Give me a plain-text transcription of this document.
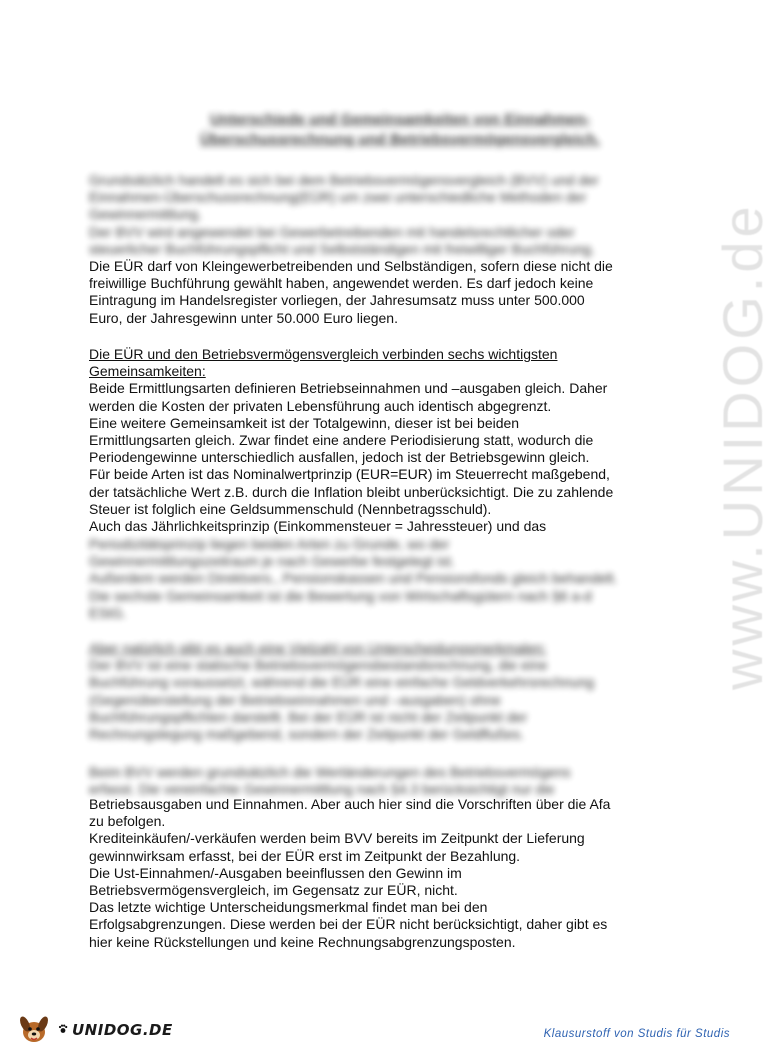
www.UNIDOG.de
Unterschiede und Gemeinsamkeiten von Einnahmen-
Überschussrechnung und Betriebsvermögensvergleich.

Grundsätzlich handelt es sich bei dem Betriebsvermögensvergleich (BVV) und der

Einnahmen-Überschussrechnung(EÜR) um zwei unterschiedliche Methoden der

Gewinnermittlung.

Der BVV wird angewendet bei Gewerbetreibenden mit handelsrechtlicher oder

steuerlicher Buchführungspflicht und Selbstständigen mit freiwilliger Buchführung.

Die EÜR darf von Kleingewerbetreibenden und Selbständigen, sofern diese nicht die

freiwillige Buchführung gewählt haben, angewendet werden. Es darf jedoch keine

Eintragung im Handelsregister vorliegen, der Jahresumsatz muss unter 500.000

Euro, der Jahresgewinn unter 50.000 Euro liegen.

Die EÜR und den Betriebsvermögensvergleich verbinden sechs wichtigsten

Gemeinsamkeiten:

Beide Ermittlungsarten definieren Betriebseinnahmen und –ausgaben gleich. Daher

werden die Kosten der privaten Lebensführung auch identisch abgegrenzt.

Eine weitere Gemeinsamkeit ist der Totalgewinn, dieser ist bei beiden

Ermittlungsarten gleich. Zwar findet eine andere Periodisierung statt, wodurch die

Periodengewinne unterschiedlich ausfallen, jedoch ist der Betriebsgewinn gleich.

Für beide Arten ist das Nominalwertprinzip (EUR=EUR) im Steuerrecht maßgebend,

der tatsächliche Wert z.B. durch die Inflation bleibt unberücksichtigt. Die zu zahlende

Steuer ist folglich eine Geldsummenschuld (Nennbetragsschuld).

Auch das Jährlichkeitsprinzip (Einkommensteuer = Jahressteuer) und das

Periodizitätsprinzip liegen beiden Arten zu Grunde, wo der

Gewinnermittlungszeitraum je nach Gewerbe festgelegt ist.

Außerdem werden Direktvers., Pensionskassen und Pensionsfonds gleich behandelt.

Die sechste Gemeinsamkeit ist die Bewertung von Wirtschaftsgütern nach §6 a-d

EStG.

Aber natürlich gibt es auch eine Vielzahl von Unterscheidungsmerkmalen:

Der BVV ist eine statische Betriebsvermögensbestandsrechnung, die eine

Buchführung voraussetzt, während die EÜR eine einfache Geldverkehrsrechnung

(Gegenüberstellung der Betriebseinnahmen und –ausgaben) ohne

Buchführungspflichten darstellt. Bei der EÜR ist nicht der Zeitpunkt der

Rechnungslegung maßgebend, sondern der Zeitpunkt der Geldflußes.

Beim BVV werden grundsätzlich die Wertänderungen des Betriebsvermögens

erfasst. Die vereinfachte Gewinnermittlung nach §4.3 berücksichtigt nur die

Betriebsausgaben und Einnahmen. Aber auch hier sind die Vorschriften über die Afa

zu befolgen.

Krediteinkäufen/-verkäufen werden beim BVV bereits im Zeitpunkt der Lieferung

gewinnwirksam erfasst, bei der EÜR erst im Zeitpunkt der Bezahlung.

Die Ust-Einnahmen/-Ausgaben beeinflussen den Gewinn im

Betriebsvermögensvergleich, im Gegensatz zur EÜR, nicht.

Das letzte wichtige Unterscheidungsmerkmal findet man bei den

Erfolgsabgrenzungen. Diese werden bei der EÜR nicht berücksichtigt, daher gibt es

hier keine Rückstellungen und keine Rechnungsabgrenzungsposten.

UNIDOG.DE	Klausurstoff von Studis für Studis
